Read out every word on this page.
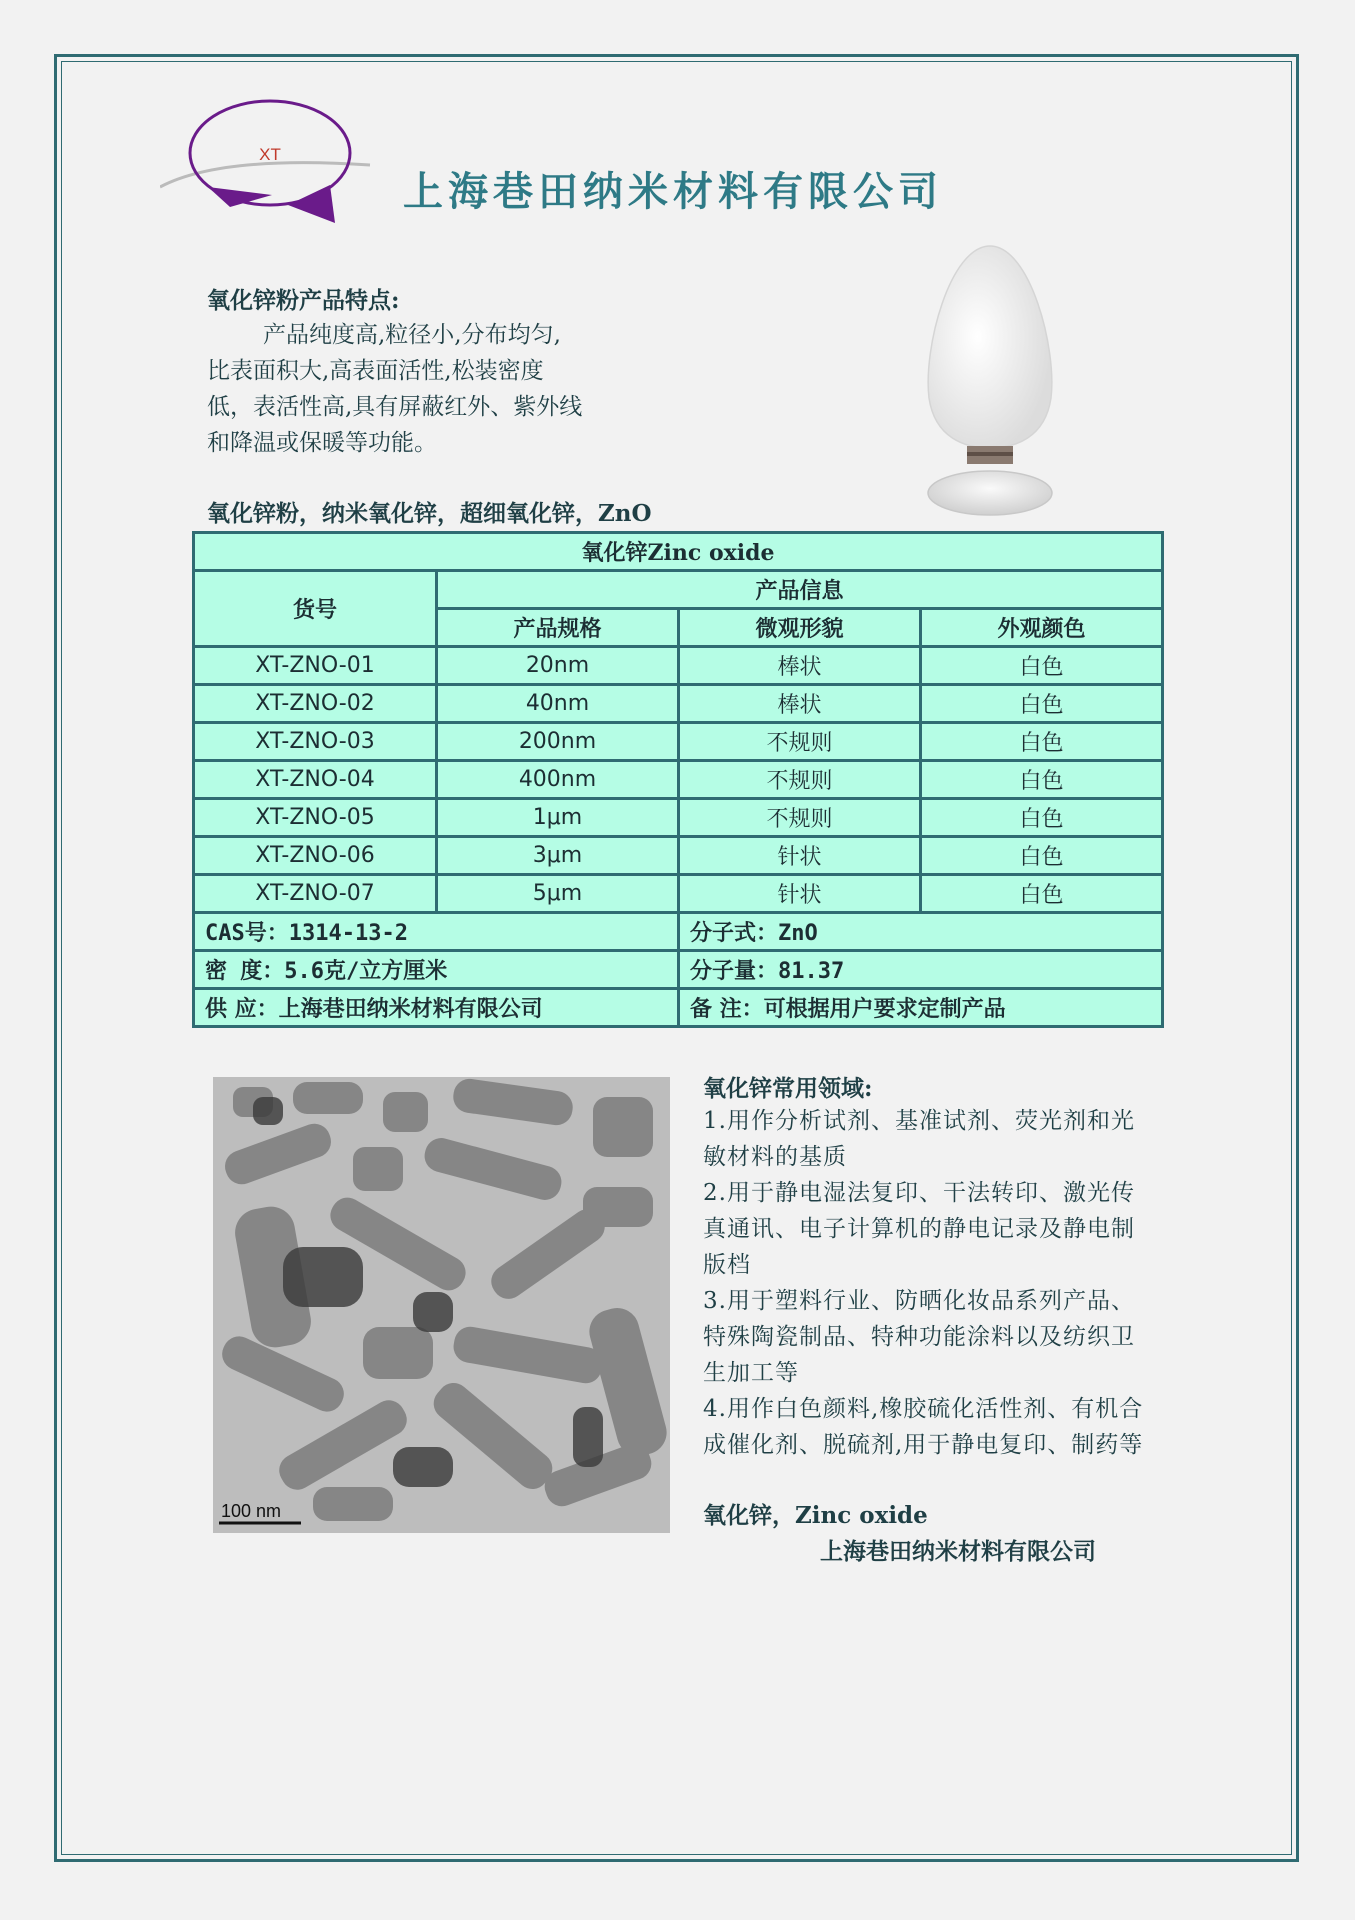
XT
上海巷田纳米材料有限公司
氧化锌粉产品特点:

产品纯度高,粒径小,分布均匀,

比表面积大,高表面活性,松装密度

低，表活性高,具有屏蔽红外、紫外线

和降温或保暖等功能。

氧化锌粉，纳米氧化锌，超细氧化锌，ZnO
氧化锌Zinc oxide			
货号	产品信息		
	产品规格	微观形貌	外观颜色
XT-ZNO-01	20nm	棒状	白色
XT-ZNO-02	40nm	棒状	白色
XT-ZNO-03	200nm	不规则	白色
XT-ZNO-04	400nm	不规则	白色
XT-ZNO-05	1μm	不规则	白色
XT-ZNO-06	3μm	针状	白色
XT-ZNO-07	5μm	针状	白色
CAS号：1314-13-2		分子式：ZnO	
密 度：5.6克/立方厘米		分子量：81.37	
供 应：上海巷田纳米材料有限公司		备 注：可根据用户要求定制产品	
100 nm
氧化锌常用领域:

1.用作分析试剂、基准试剂、荧光剂和光敏材料的基质

2.用于静电湿法复印、干法转印、激光传真通讯、电子计算机的静电记录及静电制版档

3.用于塑料行业、防晒化妆品系列产品、特殊陶瓷制品、特种功能涂料以及纺织卫生加工等

4.用作白色颜料,橡胶硫化活性剂、有机合成催化剂、脱硫剂,用于静电复印、制药等

氧化锌，Zinc oxide
上海巷田纳米材料有限公司
